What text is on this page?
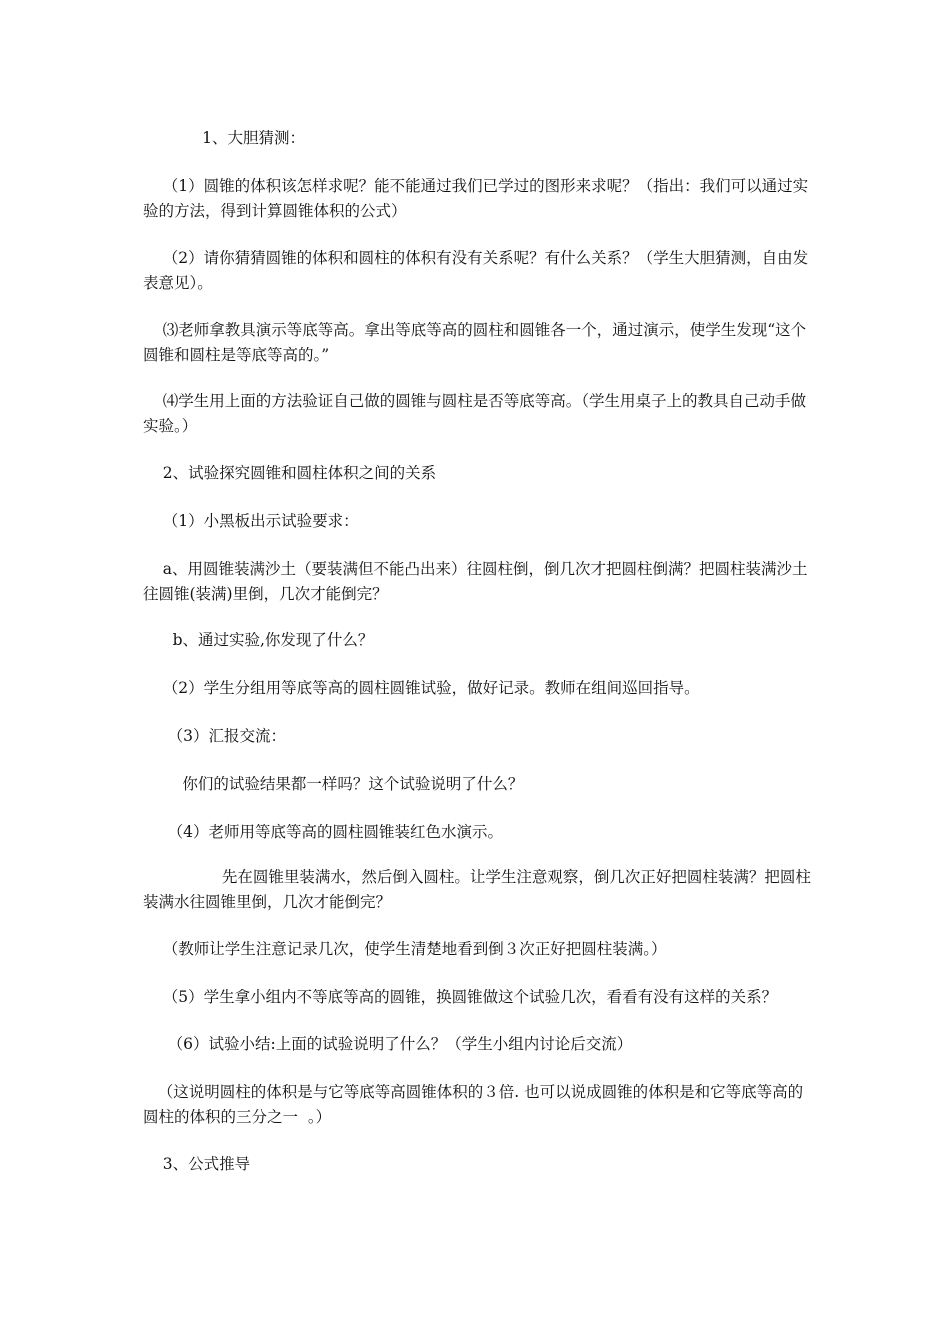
1、大胆猜测：

（1）圆锥的体积该怎样求呢？能不能通过我们已学过的图形来求呢？（指出：我们可以通过实验的方法，得到计算圆锥体积的公式）

（2）请你猜猜圆锥的体积和圆柱的体积有没有关系呢？有什么关系？（学生大胆猜测，自由发表意见）。

⑶老师拿教具演示等底等高。拿出等底等高的圆柱和圆锥各一个，通过演示，使学生发现“这个圆锥和圆柱是等底等高的。”

⑷学生用上面的方法验证自己做的圆锥与圆柱是否等底等高。（学生用桌子上的教具自己动手做实验。）

2、试验探究圆锥和圆柱体积之间的关系

（1）小黑板出示试验要求：

a、用圆锥装满沙土（要装满但不能凸出来）往圆柱倒，倒几次才把圆柱倒满？把圆柱装满沙土往圆锥(装满)里倒，几次才能倒完？

b、通过实验,你发现了什么？

（2）学生分组用等底等高的圆柱圆锥试验，做好记录。教师在组间巡回指导。

（3）汇报交流：

你们的试验结果都一样吗？这个试验说明了什么？

（4）老师用等底等高的圆柱圆锥装红色水演示。

先在圆锥里装满水，然后倒入圆柱。让学生注意观察，倒几次正好把圆柱装满？把圆柱装满水往圆锥里倒，几次才能倒完？

（教师让学生注意记录几次，使学生清楚地看到倒３次正好把圆柱装满。）

（5）学生拿小组内不等底等高的圆锥，换圆锥做这个试验几次，看看有没有这样的关系？

（6）试验小结:上面的试验说明了什么？（学生小组内讨论后交流）

（这说明圆柱的体积是与它等底等高圆锥体积的３倍. 也可以说成圆锥的体积是和它等底等高的圆柱的体积的三分之一  。）

3、公式推导
